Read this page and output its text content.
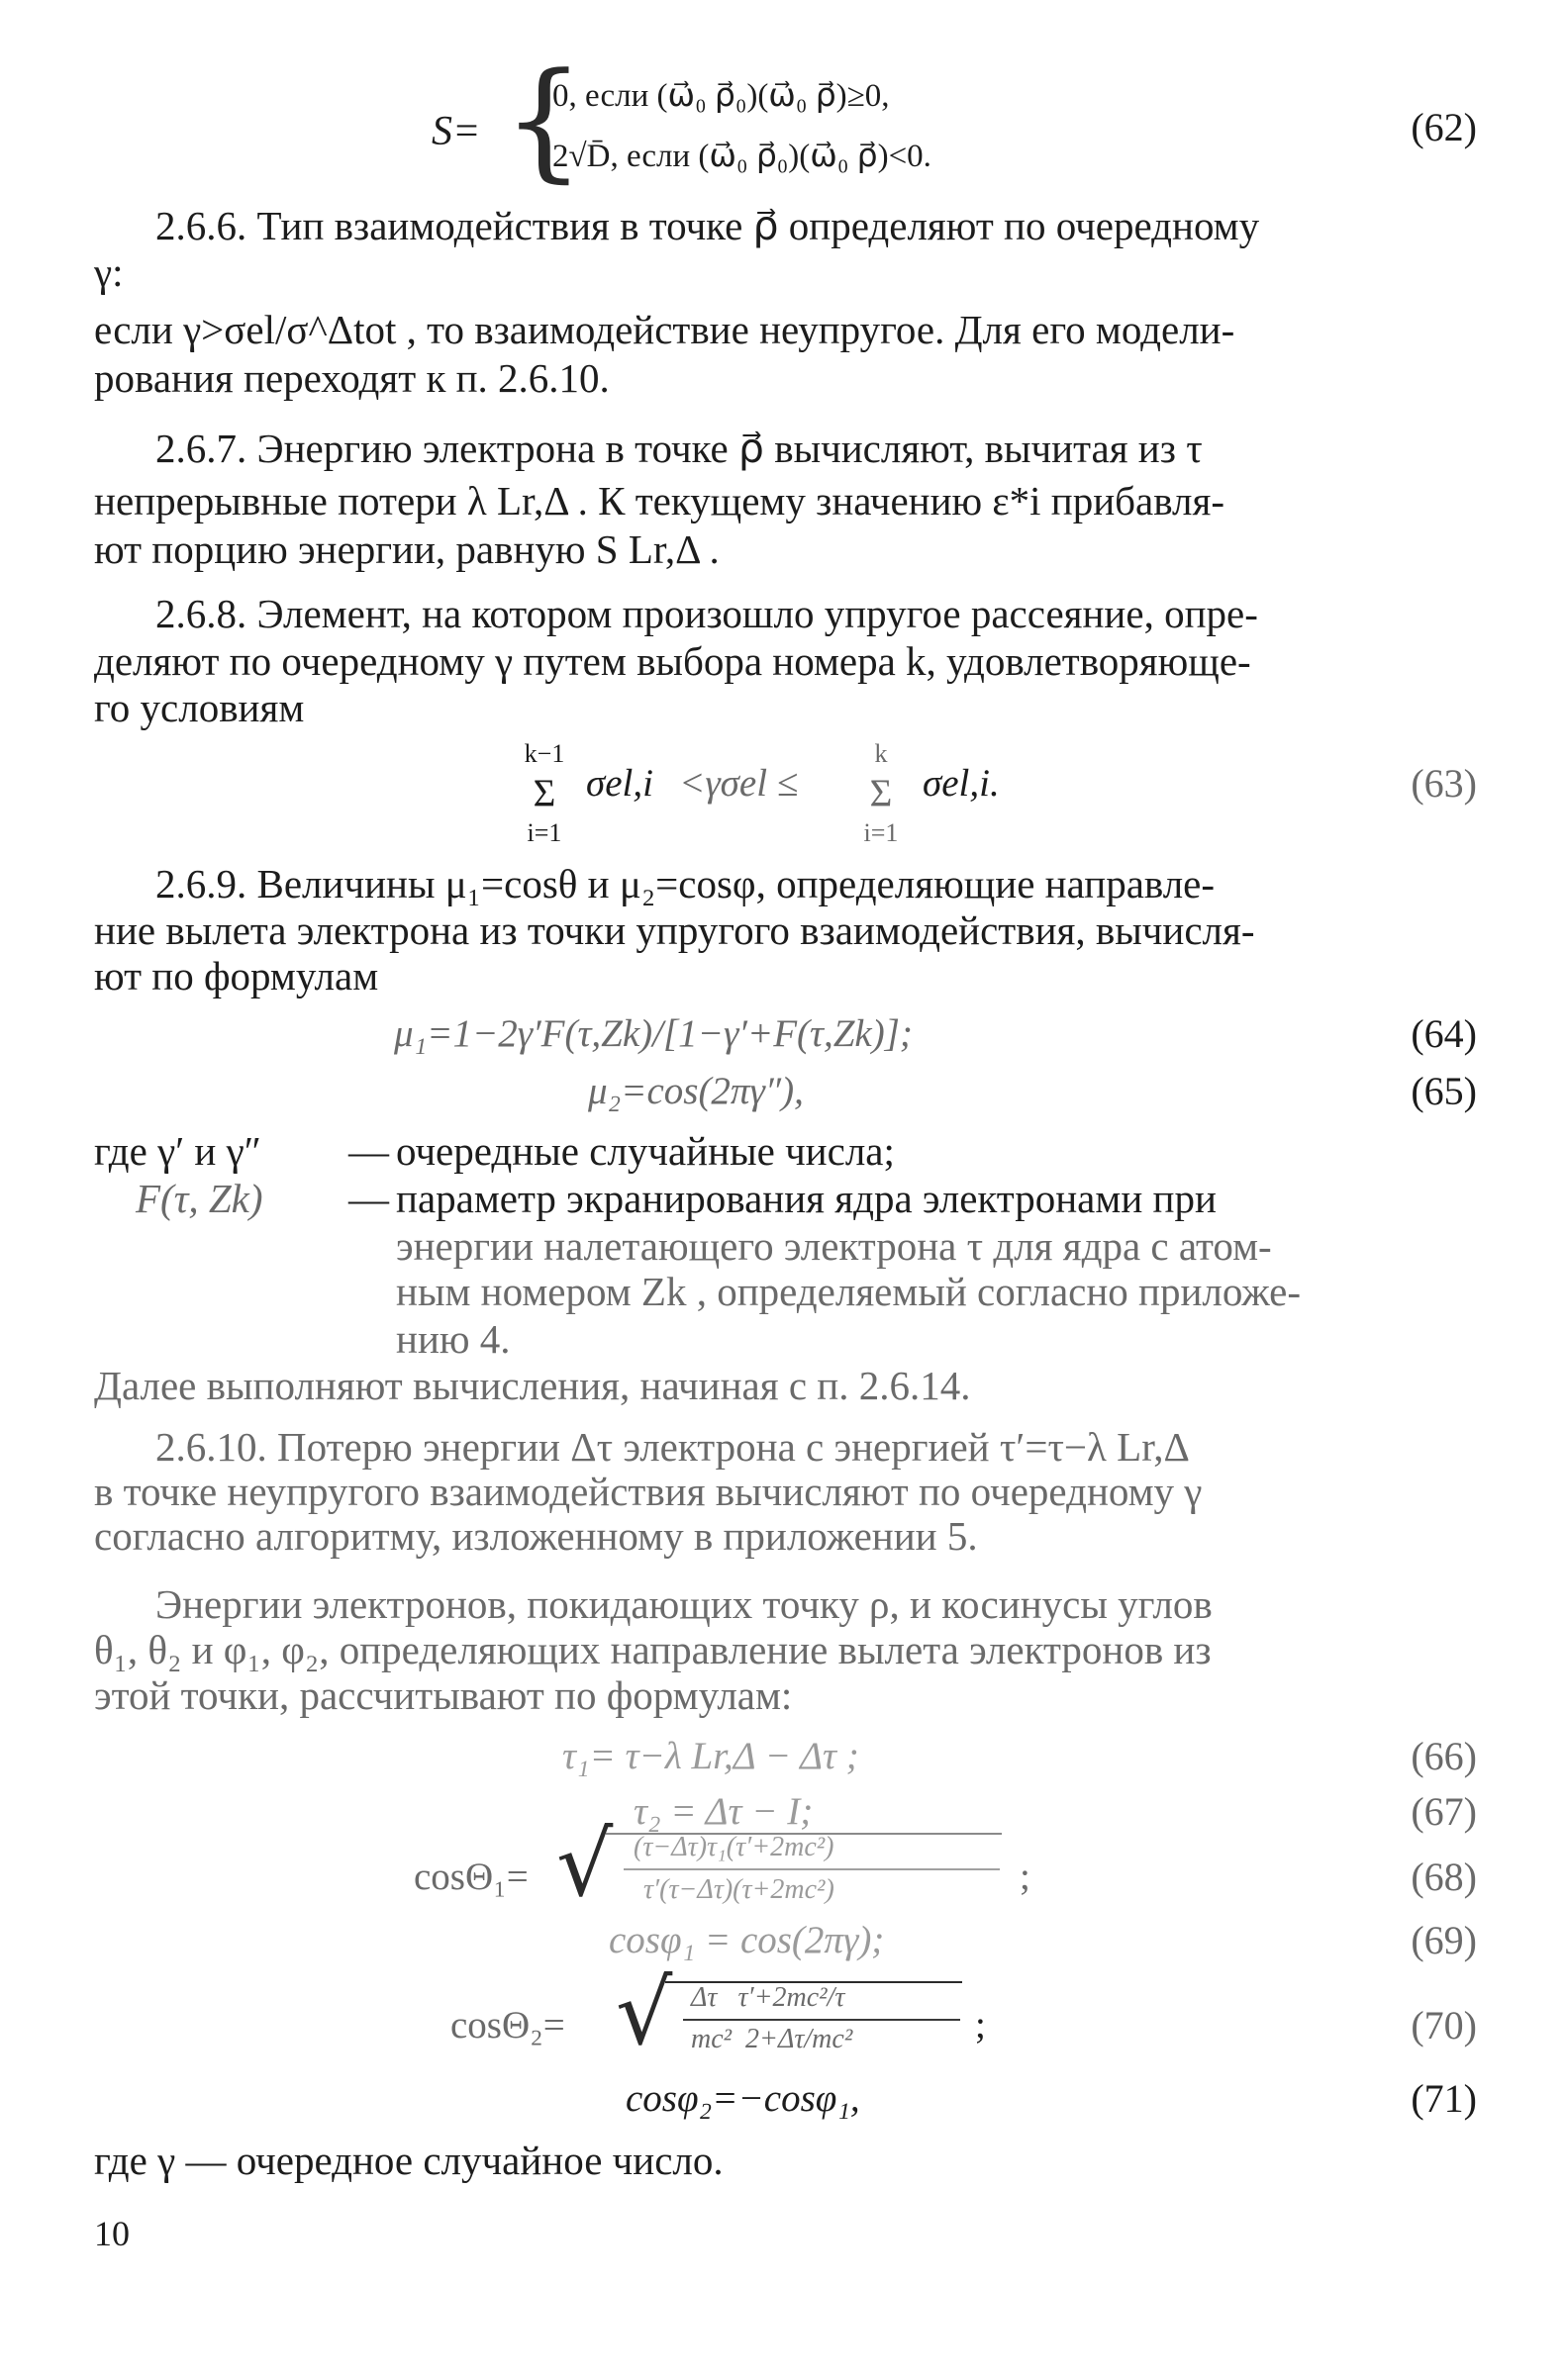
S= {
0, если (ω⃗₀ ρ⃗₀)(ω⃗₀ ρ⃗)≥0,
2√D̄, если (ω⃗₀ ρ⃗₀)(ω⃗₀ ρ⃗)<0.
(62)
2.6.6. Тип взаимодействия в точке ρ⃗ определяют по очередному
γ:
если γ>σel/σ^Δtot , то взаимодействие неупругое. Для его модели-
рования переходят к п. 2.6.10.
2.6.7. Энергию электрона в точке ρ⃗ вычисляют, вычитая из τ
непрерывные потери λ Lr,Δ . К текущему значению ε*i прибавля-
ют порцию энергии, равную S Lr,Δ .
2.6.8. Элемент, на котором произошло упругое рассеяние, опре-
деляют по очередному γ путем выбора номера k, удовлетворяюще-
го условиям
k−1
Σ
i=1
σel,i <γσel ≤
k
Σ
i=1
σel,i.	(63)
2.6.9. Величины μ₁=cosθ и μ₂=cosφ, определяющие направле-
ние вылета электрона из точки упругого взаимодействия, вычисля-
ют по формулам
μ₁=1−2γ′F(τ,Zk)/[1−γ′+F(τ,Zk)];	(64)
μ₂=cos(2πγ″),	(65)
где γ′ и γ″ — очередные случайные числа;
F(τ, Zk) — параметр экранирования ядра электронами при
энергии налетающего электрона τ для ядра с атом-
ным номером Zk , определяемый согласно приложе-
нию 4.
Далее выполняют вычисления, начиная с п. 2.6.14.
2.6.10. Потерю энергии Δτ электрона с энергией τ′=τ−λ Lr,Δ
в точке неупругого взаимодействия вычисляют по очередному γ
согласно алгоритму, изложенному в приложении 5.
Энергии электронов, покидающих точку ρ, и косинусы углов
θ₁, θ₂ и φ₁, φ₂, определяющих направление вылета электронов из
этой точки, рассчитывают по формулам:
τ₁= τ−λ Lr,Δ − Δτ ;	(66)
τ₂ = Δτ − I;	(67)
cosΘ₁= √ (τ−Δτ)τ₁(τ′+2mc²)
τ′(τ−Δτ)(τ+2mc²)	;	(68)
cosφ₁ = cos(2πγ);	(69)
cosΘ₂= √ Δτ   τ′+2mc²/τ
mc²  2+Δτ/mc²	;	(70)
cosφ₂=−cosφ₁,	(71)
где γ — очередное случайное число.
10
